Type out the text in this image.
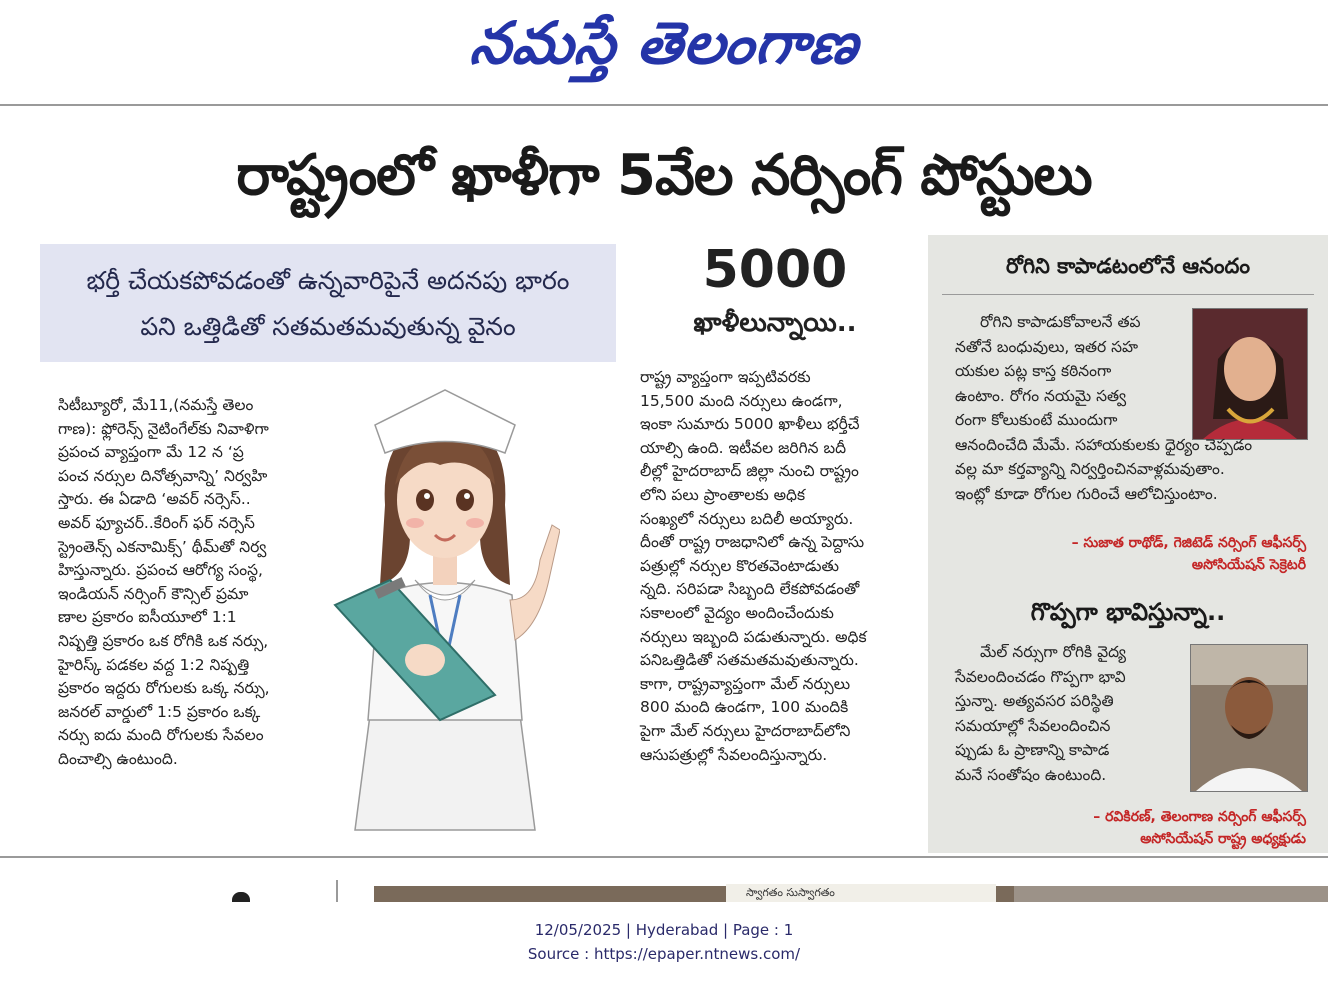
నమస్తే తెలంగాణ
రాష్ట్రంలో ఖాళీగా 5వేల నర్సింగ్ పోస్టులు
భర్తీ చేయకపోవడంతో ఉన్నవారిపైనే అదనపు భారం
పని ఒత్తిడితో సతమతమవుతున్న వైనం
సిటీబ్యూరో, మే11,(నమస్తే తెలం
గాణ): ఫ్లోరెన్స్ నైటింగేల్‌కు నివాళిగా
ప్రపంచ వ్యాప్తంగా మే 12 న ‘ప్ర
పంచ నర్సుల దినోత్సవాన్ని’ నిర్వహి
స్తారు. ఈ ఏడాది ‘అవర్ నర్సెస్..
అవర్ ఫ్యూచర్..కేరింగ్ ఫర్ నర్సెస్
స్ట్రెంతెన్స్ ఎకనామిక్స్’ థీమ్‌తో నిర్వ
హిస్తున్నారు. ప్రపంచ ఆరోగ్య సంస్థ,
ఇండియన్ నర్సింగ్ కౌన్సిల్ ప్రమా
ణాల ప్రకారం ఐసీయూలో 1:1
నిష్పత్తి ప్రకారం ఒక రోగికి ఒక నర్సు,
హైరిస్క్ పడకల వద్ద 1:2 నిష్పత్తి
ప్రకారం ఇద్దరు రోగులకు ఒక్క నర్సు,
జనరల్ వార్డులో 1:5 ప్రకారం ఒక్క
నర్సు ఐదు మంది రోగులకు సేవలం
దించాల్సి ఉంటుంది.
5000
ఖాళీలున్నాయి..
రాష్ట్ర వ్యాప్తంగా ఇప్పటివరకు
15,500 మంది నర్సులు ఉండగా,
ఇంకా సుమారు 5000 ఖాళీలు భర్తీచే
యాల్సి ఉంది. ఇటీవల జరిగిన బదీ
లీల్లో హైదరాబాద్ జిల్లా నుంచి రాష్ట్రం
లోని పలు ప్రాంతాలకు అధిక
సంఖ్యలో నర్సులు బదిలీ అయ్యారు.
దీంతో రాష్ట్ర రాజధానిలో ఉన్న పెద్దాసు
పత్రుల్లో నర్సుల కొరతవెంటాడుతు
న్నది. సరిపడా సిబ్బంది లేకపోవడంతో
సకాలంలో వైద్యం అందించేందుకు
నర్సులు ఇబ్బంది పడుతున్నారు. అధిక
పనిఒత్తిడితో సతమతమవుతున్నారు.
కాగా, రాష్ట్రవ్యాప్తంగా మేల్ నర్సులు
800 మంది ఉండగా, 100 మందికి
పైగా మేల్ నర్సులు హైదరాబాద్‌లోని
ఆసుపత్రుల్లో సేవలందిస్తున్నారు.
రోగిని కాపాడటంలోనే ఆనందం
రోగిని కాపాడుకోవాలనే తప
నతోనే బంధువులు, ఇతర సహ
యకుల పట్ల కాస్త కఠినంగా
ఉంటాం. రోగం నయమై సత్వ
రంగా కోలుకుంటే ముందుగా
ఆనందించేది మేమే. సహాయకులకు ధైర్యం చెప్పడం
వల్ల మా కర్తవ్యాన్ని నిర్వర్తించినవాళ్లమవుతాం.
ఇంట్లో కూడా రోగుల గురించే ఆలోచిస్తుంటాం.
– సుజాత రాథోడ్, గెజిటెడ్ నర్సింగ్ ఆఫీసర్స్
అసోసియేషన్ సెక్రెటరీ
గొప్పగా భావిస్తున్నా..
మేల్ నర్సుగా రోగికి వైద్య
సేవలందించడం గొప్పగా భావి
స్తున్నా. అత్యవసర పరిస్థితి
సమయాల్లో సేవలందించిన
ప్పుడు ఓ ప్రాణాన్ని కాపాడ
మనే సంతోషం ఉంటుంది.
– రవికిరణ్, తెలంగాణ నర్సింగ్ ఆఫీసర్స్
అసోసియేషన్ రాష్ట్ర అధ్యక్షుడు
స్వాగతం సుస్వాగతం
12/05/2025 | Hyderabad | Page : 1
Source : https://epaper.ntnews.com/
